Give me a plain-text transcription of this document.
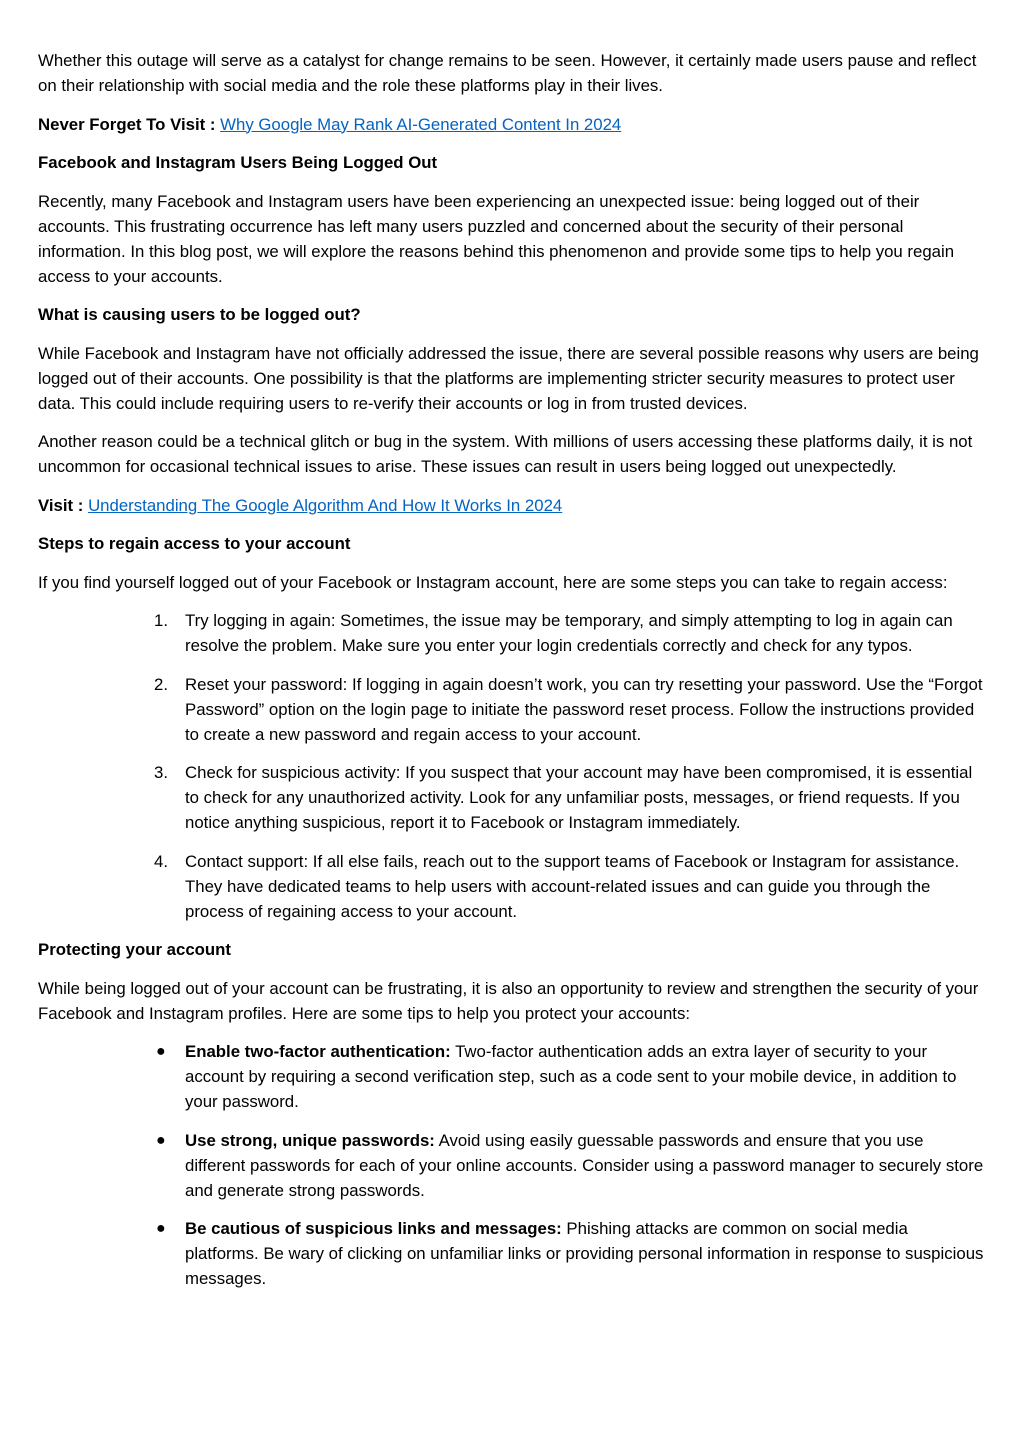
Whether this outage will serve as a catalyst for change remains to be seen. However, it certainly made users pause and reflect on their relationship with social media and the role these platforms play in their lives.

Never Forget To Visit : Why Google May Rank AI-Generated Content In 2024

Facebook and Instagram Users Being Logged Out

Recently, many Facebook and Instagram users have been experiencing an unexpected issue: being logged out of their accounts. This frustrating occurrence has left many users puzzled and concerned about the security of their personal information. In this blog post, we will explore the reasons behind this phenomenon and provide some tips to help you regain access to your accounts.

What is causing users to be logged out?

While Facebook and Instagram have not officially addressed the issue, there are several possible reasons why users are being logged out of their accounts. One possibility is that the platforms are implementing stricter security measures to protect user data. This could include requiring users to re-verify their accounts or log in from trusted devices.

Another reason could be a technical glitch or bug in the system. With millions of users accessing these platforms daily, it is not uncommon for occasional technical issues to arise. These issues can result in users being logged out unexpectedly.

Visit : Understanding The Google Algorithm And How It Works In 2024

Steps to regain access to your account

If you find yourself logged out of your Facebook or Instagram account, here are some steps you can take to regain access:

1. Try logging in again: Sometimes, the issue may be temporary, and simply attempting to log in again can resolve the problem. Make sure you enter your login credentials correctly and check for any typos.
2. Reset your password: If logging in again doesn’t work, you can try resetting your password. Use the “Forgot Password” option on the login page to initiate the password reset process. Follow the instructions provided to create a new password and regain access to your account.
3. Check for suspicious activity: If you suspect that your account may have been compromised, it is essential to check for any unauthorized activity. Look for any unfamiliar posts, messages, or friend requests. If you notice anything suspicious, report it to Facebook or Instagram immediately.
4. Contact support: If all else fails, reach out to the support teams of Facebook or Instagram for assistance. They have dedicated teams to help users with account-related issues and can guide you through the process of regaining access to your account.

Protecting your account

While being logged out of your account can be frustrating, it is also an opportunity to review and strengthen the security of your Facebook and Instagram profiles. Here are some tips to help you protect your accounts:

● Enable two-factor authentication: Two-factor authentication adds an extra layer of security to your account by requiring a second verification step, such as a code sent to your mobile device, in addition to your password.
● Use strong, unique passwords: Avoid using easily guessable passwords and ensure that you use different passwords for each of your online accounts. Consider using a password manager to securely store and generate strong passwords.
● Be cautious of suspicious links and messages: Phishing attacks are common on social media platforms. Be wary of clicking on unfamiliar links or providing personal information in response to suspicious messages.
